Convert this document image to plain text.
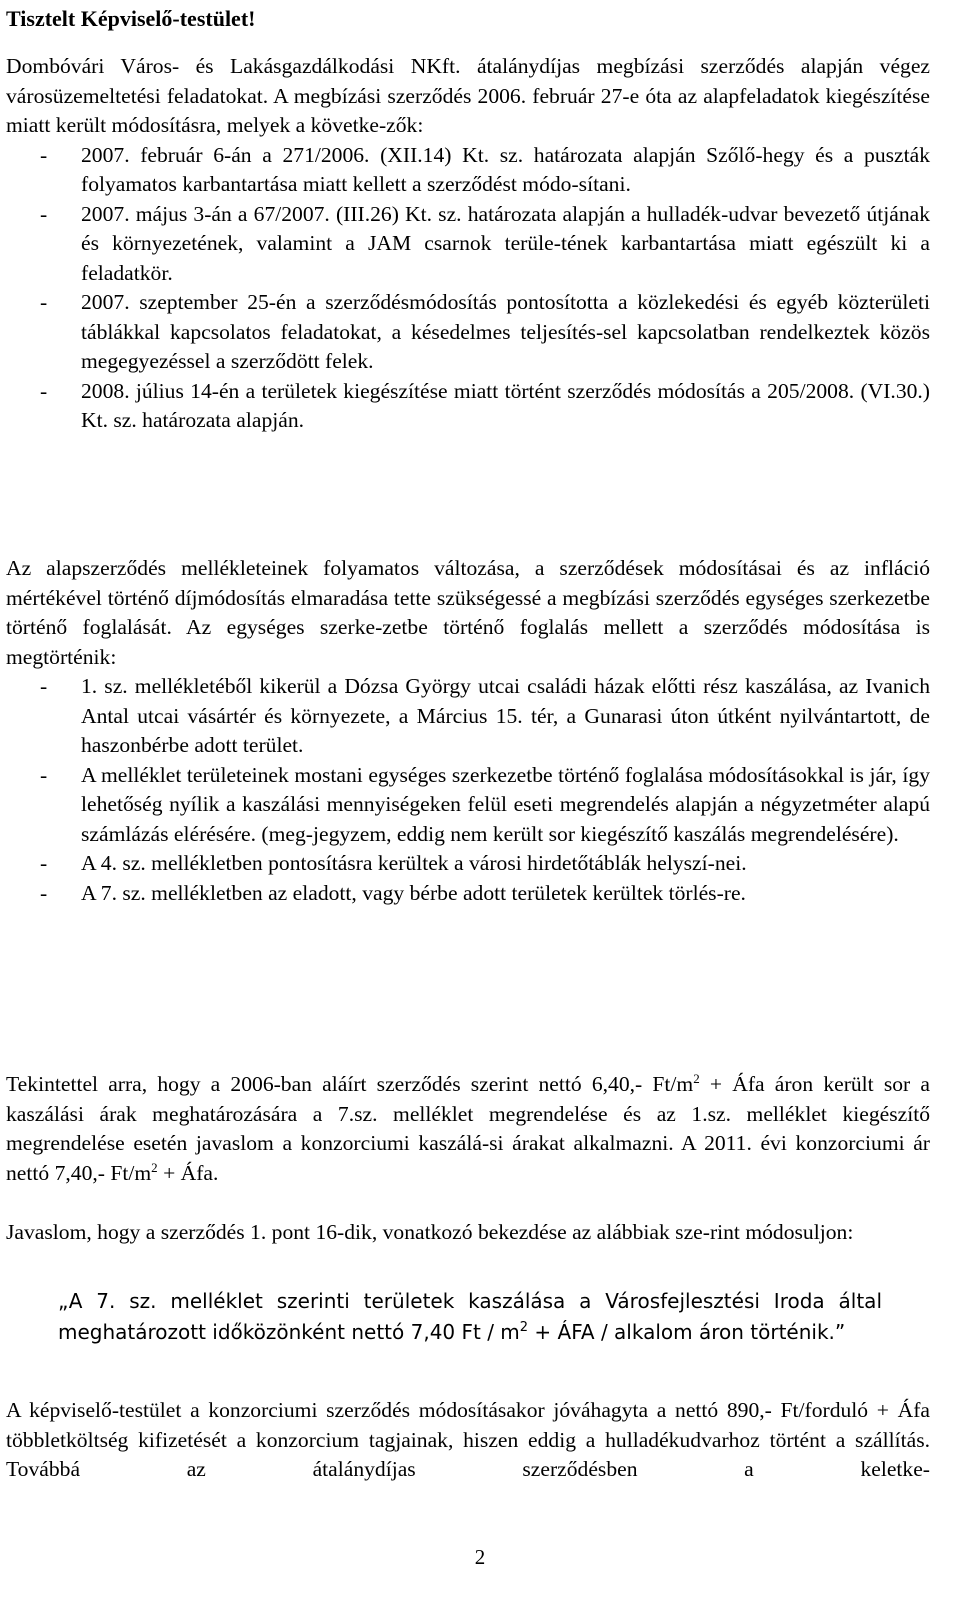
Tisztelt Képviselő-testület!

Dombóvári Város- és Lakásgazdálkodási NKft. átalánydíjas megbízási szerződés alapján végez városüzemeltetési feladatokat. A megbízási szerződés 2006. február 27-e óta az alapfeladatok kiegészítése miatt került módosításra, melyek a követke-zők:

- 2007. február 6-án a 271/2006. (XII.14) Kt. sz. határozata alapján Szőlő-hegy és a puszták folyamatos karbantartása miatt kellett a szerződést módo-sítani.
- 2007. május 3-án a 67/2007. (III.26) Kt. sz. határozata alapján a hulladék-udvar bevezető útjának és környezetének, valamint a JAM csarnok terüle-tének karbantartása miatt egészült ki a feladatkör.
- 2007. szeptember 25-én a szerződésmódosítás pontosította a közlekedési és egyéb közterületi táblákkal kapcsolatos feladatokat, a késedelmes teljesítés-sel kapcsolatban rendelkeztek közös megegyezéssel a szerződött felek.
- 2008. július 14-én a területek kiegészítése miatt történt szerződés módosítás a 205/2008. (VI.30.) Kt. sz. határozata alapján.

Az alapszerződés mellékleteinek folyamatos változása, a szerződések módosításai és az infláció mértékével történő díjmódosítás elmaradása tette szükségessé a megbízási szerződés egységes szerkezetbe történő foglalását. Az egységes szerke-zetbe történő foglalás mellett a szerződés módosítása is megtörténik:

- 1. sz. mellékletéből kikerül a Dózsa György utcai családi házak előtti rész kaszálása, az Ivanich Antal utcai vásártér és környezete, a Március 15. tér, a Gunarasi úton útként nyilvántartott, de haszonbérbe adott terület.
- A melléklet területeinek mostani egységes szerkezetbe történő foglalása módosításokkal is jár, így lehetőség nyílik a kaszálási mennyiségeken felül eseti megrendelés alapján a négyzetméter alapú számlázás elérésére. (meg-jegyzem, eddig nem került sor kiegészítő kaszálás megrendelésére).
- A 4. sz. mellékletben pontosításra kerültek a városi hirdetőtáblák helyszí-nei.
- A 7. sz. mellékletben az eladott, vagy bérbe adott területek kerültek törlés-re.

Tekintettel arra, hogy a 2006-ban aláírt szerződés szerint nettó 6,40,- $Ft/m^2$ + Áfa áron került sor a kaszálási árak meghatározására a 7.sz. melléklet megrendelése és az 1.sz. melléklet kiegészítő megrendelése esetén javaslom a konzorciumi kaszálá-si árakat alkalmazni. A 2011. évi konzorciumi ár nettó 7,40,- $Ft/m^2$ + Áfa.

Javaslom, hogy a szerződés 1. pont 16-dik, vonatkozó bekezdése az alábbiak sze-rint módosuljon:

„A 7. sz. melléklet szerinti területek kaszálása a Városfejlesztési Iroda által meghatározott időközönként nettó 7,40 Ft / $m^2$ + ÁFA / alkalom áron történik.”

A képviselő-testület a konzorciumi szerződés módosításakor jóváhagyta a nettó 890,- Ft/forduló + Áfa többletköltség kifizetését a konzorcium tagjainak, hiszen eddig a hulladékudvarhoz történt a szállítás. Továbbá az átalánydíjas szerződésben a keletke-

2
